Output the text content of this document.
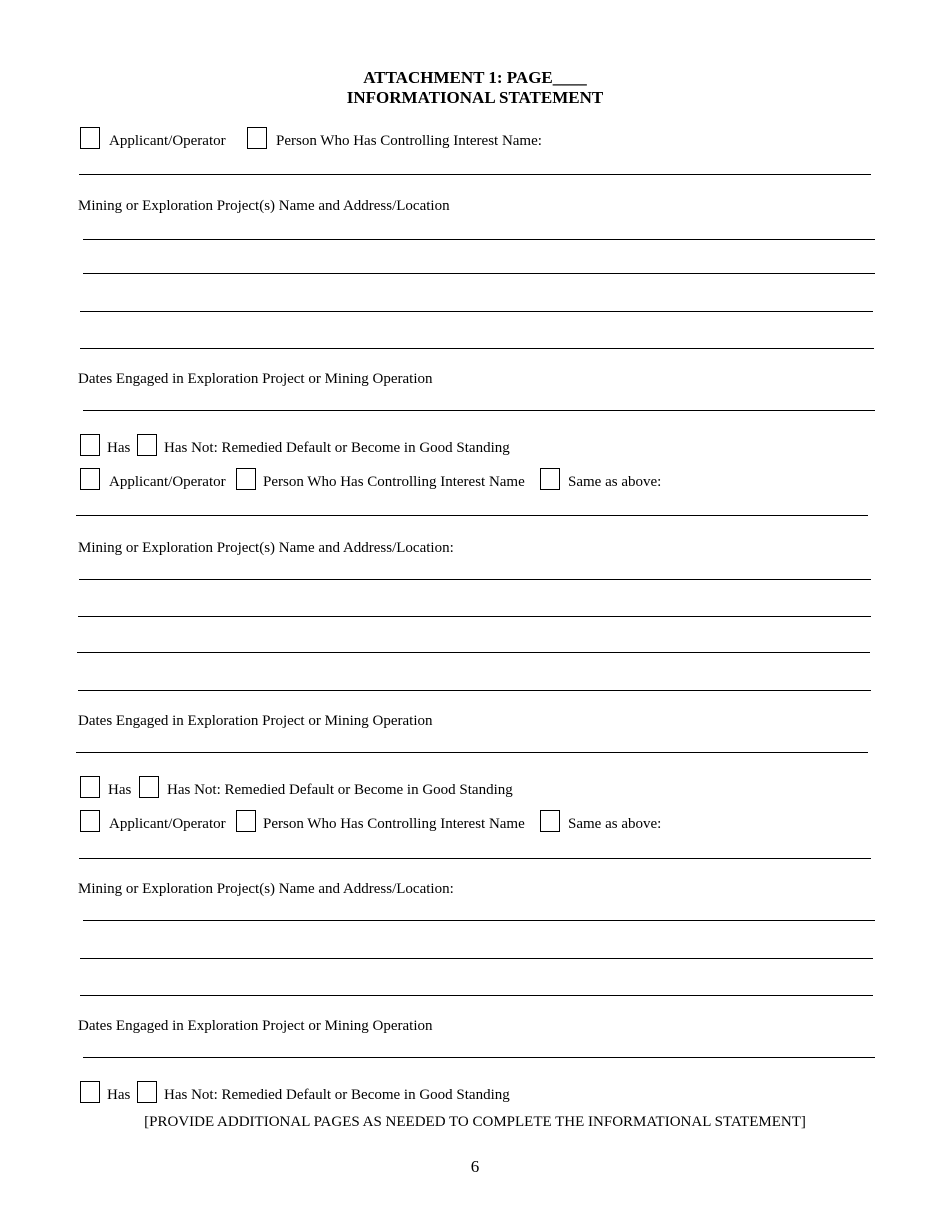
ATTACHMENT 1: PAGE____
INFORMATIONAL STATEMENT
Applicant/Operator	Person Who Has Controlling Interest Name:
Mining or Exploration Project(s) Name and Address/Location
Dates Engaged in Exploration Project or Mining Operation
Has Has Not: Remedied Default or Become in Good Standing
Applicant/Operator Person Who Has Controlling Interest Name	Same as above:
Mining or Exploration Project(s) Name and Address/Location:
Dates Engaged in Exploration Project or Mining Operation
Has Has Not: Remedied Default or Become in Good Standing
Applicant/Operator Person Who Has Controlling Interest Name	Same as above:
Mining or Exploration Project(s) Name and Address/Location:
Dates Engaged in Exploration Project or Mining Operation
Has Has Not: Remedied Default or Become in Good Standing
[PROVIDE ADDITIONAL PAGES AS NEEDED TO COMPLETE THE INFORMATIONAL STATEMENT]
6
